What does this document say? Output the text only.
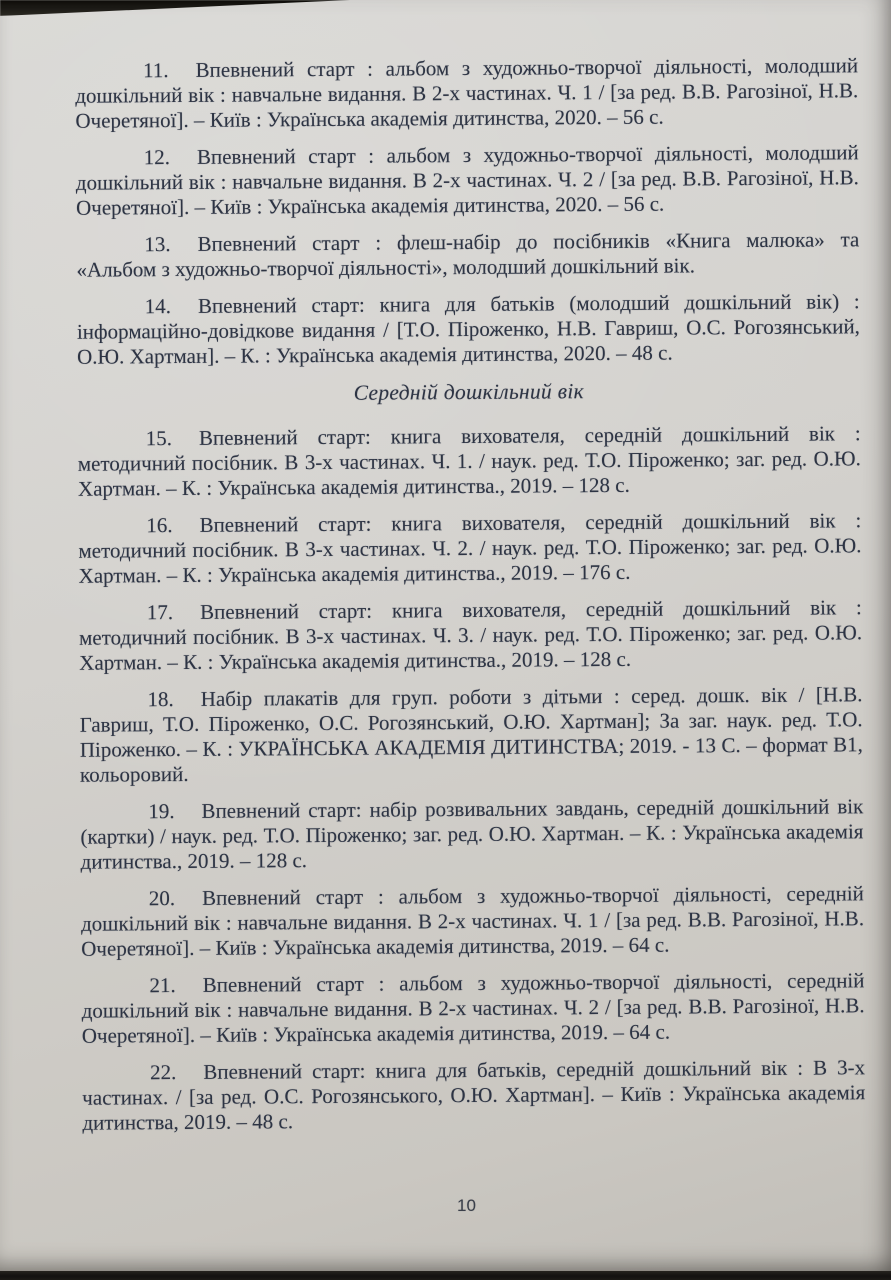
11. Впевнений старт : альбом з художньо-творчої діяльності, молодший дошкільний вік : навчальне видання. В 2-х частинах. Ч. 1 / [за ред. В.В. Рагозіної, Н.В. Очеретяної]. – Київ : Українська академія дитинства, 2020. – 56 с.

12. Впевнений старт : альбом з художньо-творчої діяльності, молодший дошкільний вік : навчальне видання. В 2-х частинах. Ч. 2 / [за ред. В.В. Рагозіної, Н.В. Очеретяної]. – Київ : Українська академія дитинства, 2020. – 56 с.

13. Впевнений старт : флеш-набір до посібників «Книга малюка» та «Альбом з художньо-творчої діяльності», молодший дошкільний вік.

14. Впевнений старт: книга для батьків (молодший дошкільний вік) : інформаційно-довідкове видання / [Т.О. Піроженко, Н.В. Гавриш, О.С. Рогозянський, О.Ю. Хартман]. – К. : Українська академія дитинства, 2020. – 48 с.

Середній дошкільний вік

15. Впевнений старт: книга вихователя, середній дошкільний вік : методичний посібник. В 3-х частинах. Ч. 1. / наук. ред. Т.О. Піроженко; заг. ред. О.Ю. Хартман. – К. : Українська академія дитинства., 2019. – 128 с.

16. Впевнений старт: книга вихователя, середній дошкільний вік : методичний посібник. В 3-х частинах. Ч. 2. / наук. ред. Т.О. Піроженко; заг. ред. О.Ю. Хартман. – К. : Українська академія дитинства., 2019. – 176 с.

17. Впевнений старт: книга вихователя, середній дошкільний вік : методичний посібник. В 3-х частинах. Ч. 3. / наук. ред. Т.О. Піроженко; заг. ред. О.Ю. Хартман. – К. : Українська академія дитинства., 2019. – 128 с.

18. Набір плакатів для груп. роботи з дітьми : серед. дошк. вік / [Н.В. Гавриш, Т.О. Піроженко, О.С. Рогозянський, О.Ю. Хартман]; За заг. наук. ред. Т.О. Піроженко. – К. : УКРАЇНСЬКА АКАДЕМІЯ ДИТИНСТВА; 2019. - 13 С. – формат В1, кольоровий.

19. Впевнений старт: набір розвивальних завдань, середній дошкільний вік (картки) / наук. ред. Т.О. Піроженко; заг. ред. О.Ю. Хартман. – К. : Українська академія дитинства., 2019. – 128 с.

20. Впевнений старт : альбом з художньо-творчої діяльності, середній дошкільний вік : навчальне видання. В 2-х частинах. Ч. 1 / [за ред. В.В. Рагозіної, Н.В. Очеретяної]. – Київ : Українська академія дитинства, 2019. – 64 с.

21. Впевнений старт : альбом з художньо-творчої діяльності, середній дошкільний вік : навчальне видання. В 2-х частинах. Ч. 2 / [за ред. В.В. Рагозіної, Н.В. Очеретяної]. – Київ : Українська академія дитинства, 2019. – 64 с.

22. Впевнений старт: книга для батьків, середній дошкільний вік : В 3-х частинах. / [за ред. О.С. Рогозянського, О.Ю. Хартман]. – Київ : Українська академія дитинства, 2019. – 48 с.

10
